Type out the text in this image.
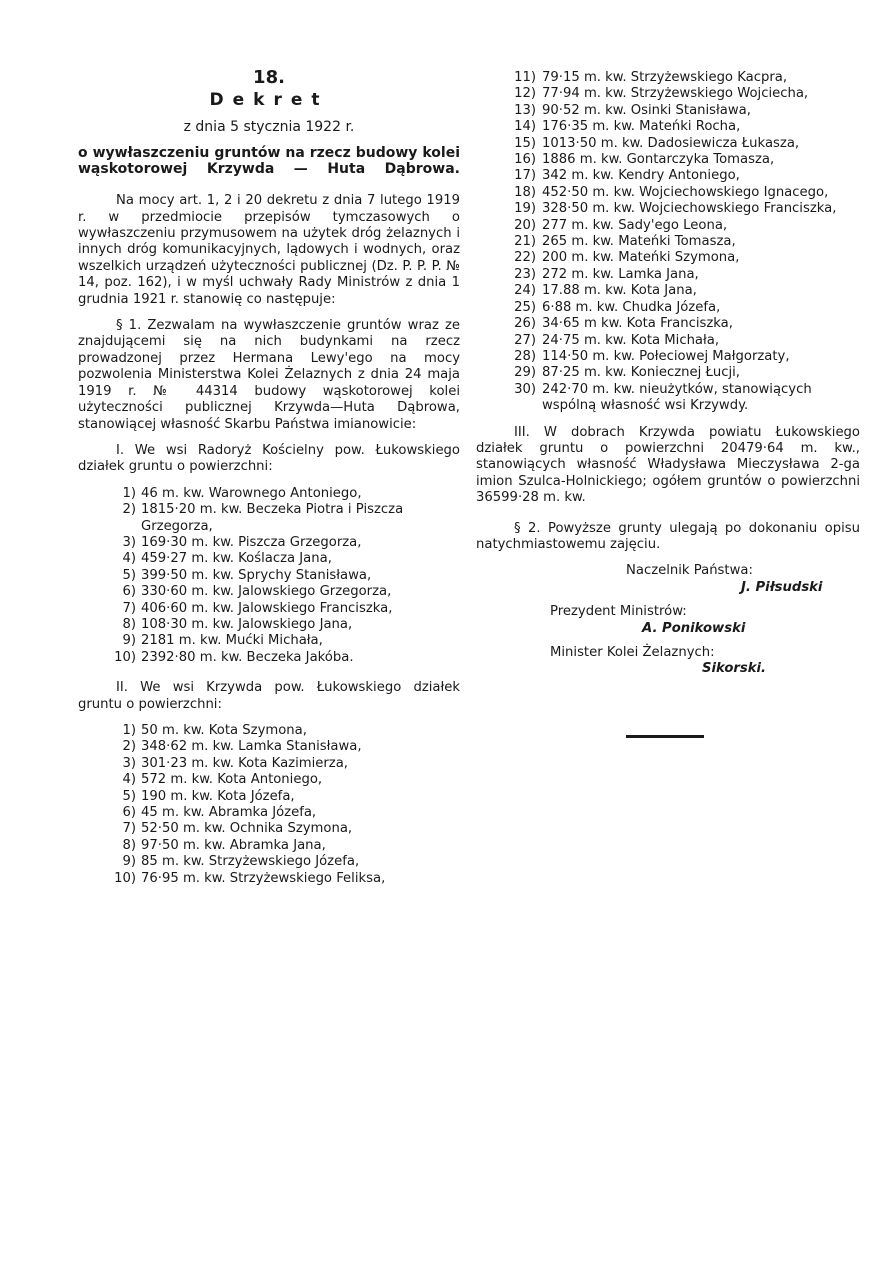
18.
Dekret
z dnia 5 stycznia 1922 r.
o wywłaszczeniu gruntów na rzecz budowy kolei wąskotorowej Krzywda — Huta Dąbrowa.

Na mocy art. 1, 2 i 20 dekretu z dnia 7 lutego 1919 r. w przedmiocie przepisów tymczasowych o wywłaszczeniu przymusowem na użytek dróg żelaznych i innych dróg komunikacyjnych, lądowych i wodnych, oraz wszelkich urządzeń użyteczności publicznej (Dz. P. P. P. № 14, poz. 162), i w myśl uchwały Rady Ministrów z dnia 1 grudnia 1921 r. stanowię co następuje:

§ 1. Zezwalam na wywłaszczenie gruntów wraz ze znajdującemi się na nich budynkami na rzecz prowadzonej przez Hermana Lewy'ego na mocy pozwolenia Ministerstwa Kolei Żelaznych z dnia 24 maja 1919 r. № 44314 budowy wąskotorowej kolei użyteczności publicznej Krzywda—Huta Dąbrowa, stanowiącej własność Skarbu Państwa imianowicie:

I. We wsi Radoryż Kościelny pow. Łukowskiego działek gruntu o powierzchni:

1) 46 m. kw. Warownego Antoniego,
2) 1815·20 m. kw. Beczeka Piotra i Piszcza Grzegorza,
3) 169·30 m. kw. Piszcza Grzegorza,
4) 459·27 m. kw. Koślacza Jana,
5) 399·50 m. kw. Sprychy Stanisława,
6) 330·60 m. kw. Jalowskiego Grzegorza,
7) 406·60 m. kw. Jalowskiego Franciszka,
8) 108·30 m. kw. Jalowskiego Jana,
9) 2181 m. kw. Mućki Michała,
10) 2392·80 m. kw. Beczeka Jakóba.

II. We wsi Krzywda pow. Łukowskiego działek gruntu o powierzchni:

1) 50 m. kw. Kota Szymona,
2) 348·62 m. kw. Lamka Stanisława,
3) 301·23 m. kw. Kota Kazimierza,
4) 572 m. kw. Kota Antoniego,
5) 190 m. kw. Kota Józefa,
6) 45 m. kw. Abramka Józefa,
7) 52·50 m. kw. Ochnika Szymona,
8) 97·50 m. kw. Abramka Jana,
9) 85 m. kw. Strzyżewskiego Józefa,
10) 76·95 m. kw. Strzyżewskiego Feliksa,
11) 79·15 m. kw. Strzyżewskiego Kacpra,
12) 77·94 m. kw. Strzyżewskiego Wojciecha,
13) 90·52 m. kw. Osinki Stanisława,
14) 176·35 m. kw. Mateńki Rocha,
15) 1013·50 m. kw. Dadosiewicza Łukasza,
16) 1886 m. kw. Gontarczyka Tomasza,
17) 342 m. kw. Kendry Antoniego,
18) 452·50 m. kw. Wojciechowskiego Ignacego,
19) 328·50 m. kw. Wojciechowskiego Franciszka,
20) 277 m. kw. Sady'ego Leona,
21) 265 m. kw. Mateńki Tomasza,
22) 200 m. kw. Mateńki Szymona,
23) 272 m. kw. Lamka Jana,
24) 17.88 m. kw. Kota Jana,
25) 6·88 m. kw. Chudka Józefa,
26) 34·65 m kw. Kota Franciszka,
27) 24·75 m. kw. Kota Michała,
28) 114·50 m. kw. Połeciowej Małgorzaty,
29) 87·25 m. kw. Koniecznej Łucji,
30) 242·70 m. kw. nieużytków, stanowiących wspólną własność wsi Krzywdy.

III. W dobrach Krzywda powiatu Łukowskiego działek gruntu o powierzchni 20479·64 m. kw., stanowiących własność Władysława Mieczysława 2-ga imion Szulca-Holnickiego; ogółem gruntów o powierzchni 36599·28 m. kw.

§ 2. Powyższe grunty ulegają po dokonaniu opisu natychmiastowemu zajęciu.

Naczelnik Państwa:
J. Piłsudski
Prezydent Ministrów:
A. Ponikowski
Minister Kolei Żelaznych:
Sikorski.
